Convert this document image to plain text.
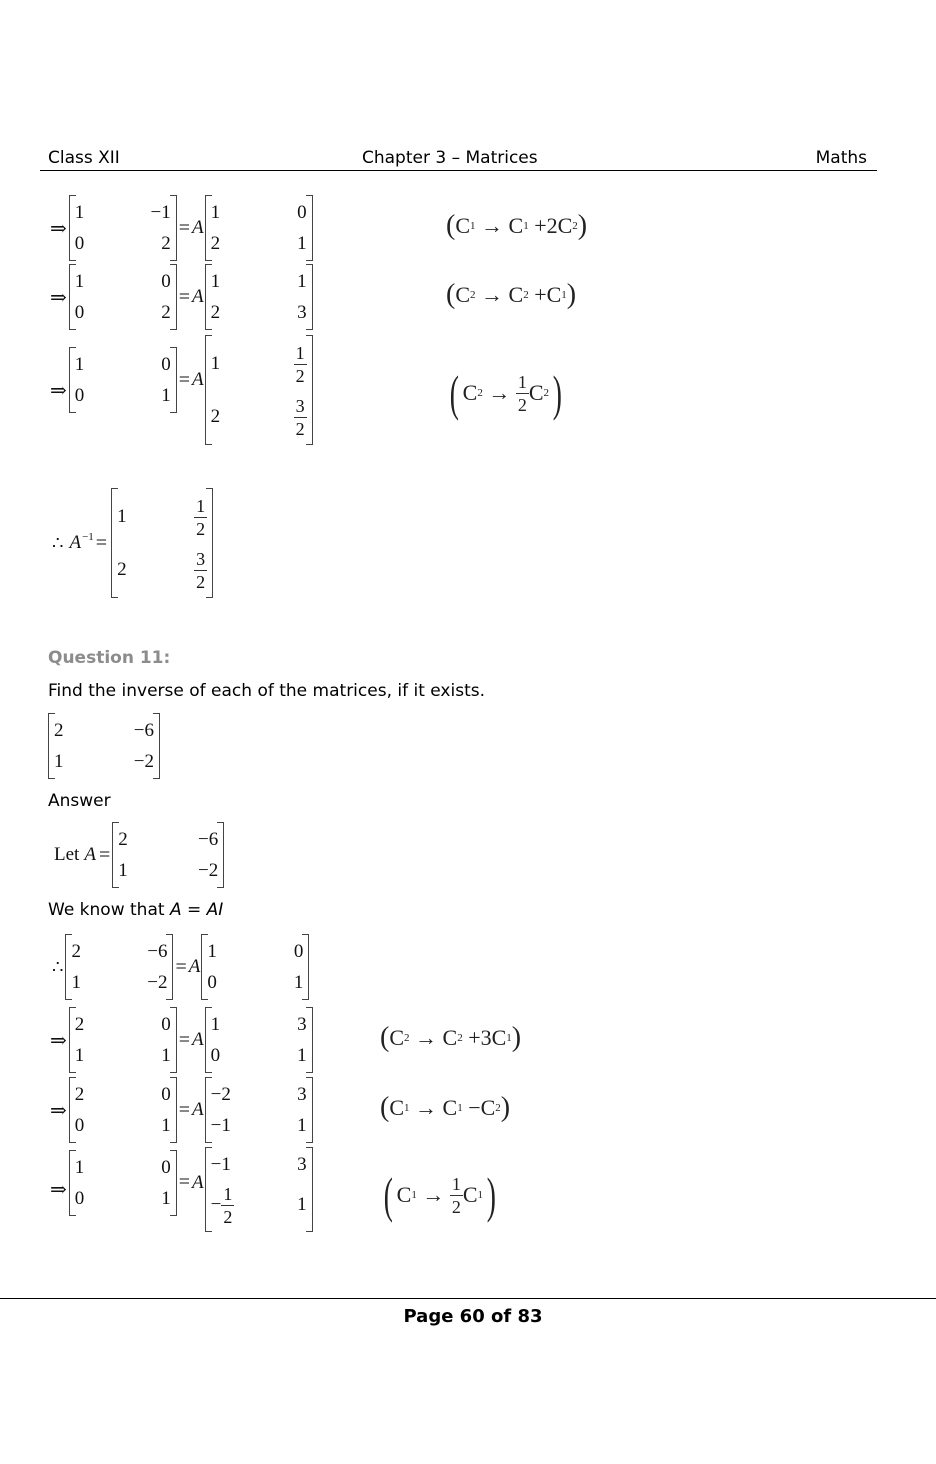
Class XII	Chapter 3 – Matrices	Maths
⇒
1	−1
0	2
= A
1	0
2	1
( C 1 → C 1 +2C 2 )
⇒
1	0
0	2
= A
1	1
2	3
( C 2 → C 2 +C 1 )
⇒
1	0
0	1
= A
1	$\frac{1}{2}$
2	$\frac{3}{2}$	( C $2 \to \frac{1}{2}$ C 2 )
∴ $A^{-1}$ =
1	$\frac{1}{2}$
2	$\frac{3}{2}$
Question 11:
Find the inverse of each of the matrices, if it exists.
2	−6
1	−2
Answer
Let A =
2	−6
1	−2
We know that A = AI
∴
2	−6
1	−2
= A
1	0
0	1
⇒
2	0
1	1
= A
1	3
0	1
( C 2 → C 2 +3C 1 )
⇒
2	0
0	1
= A
−2	3
−1	1
( C 1 → C 1 −C 2 )
⇒
1	0
0	1
= A
−1	3
− $\frac{1}{2}$	1 ( C $1 \to \frac{1}{2}$ C 1 )
Page 60 of 83
